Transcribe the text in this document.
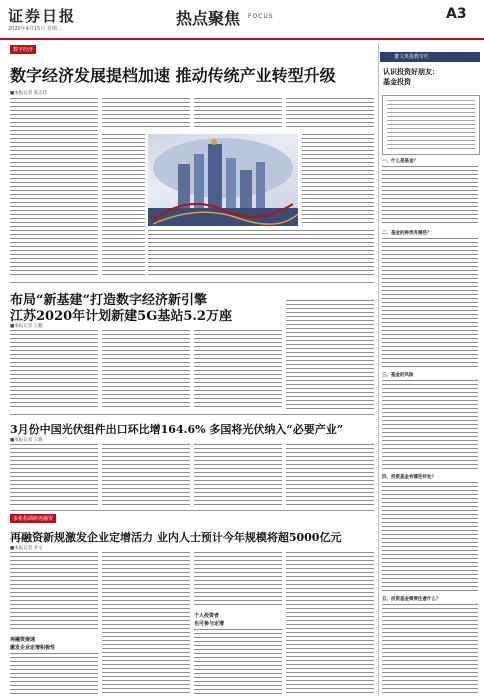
证券日报
2020年4月15日 星期三
热点聚焦 FOCUS	A3
数字经济
数字经济发展提档加速 推动传统产业转型升级
■本报记者 张志伟
布局“新基建”打造数字经济新引擎
江苏2020年计划新建5G基站5.2万座
■本报记者 王鹏
3月份中国光伏组件出口环比增164.6% 多国将光伏纳入“必要产业”
■本报记者 王晓
多机构调研再融资
再融资新规激发企业定增活力 业内人士预计今年规模将超5000亿元
■本报记者 李文
再融资提速
激发企业定增积极性
个人投资者
也可参与定增
董文英投教专栏
认识投资好朋友：
基金投资
一、什么是基金？
二、基金的种类有哪些？
三、基金的风险
四、投资基金有哪些好处？
五、投资基金需要注意什么？
